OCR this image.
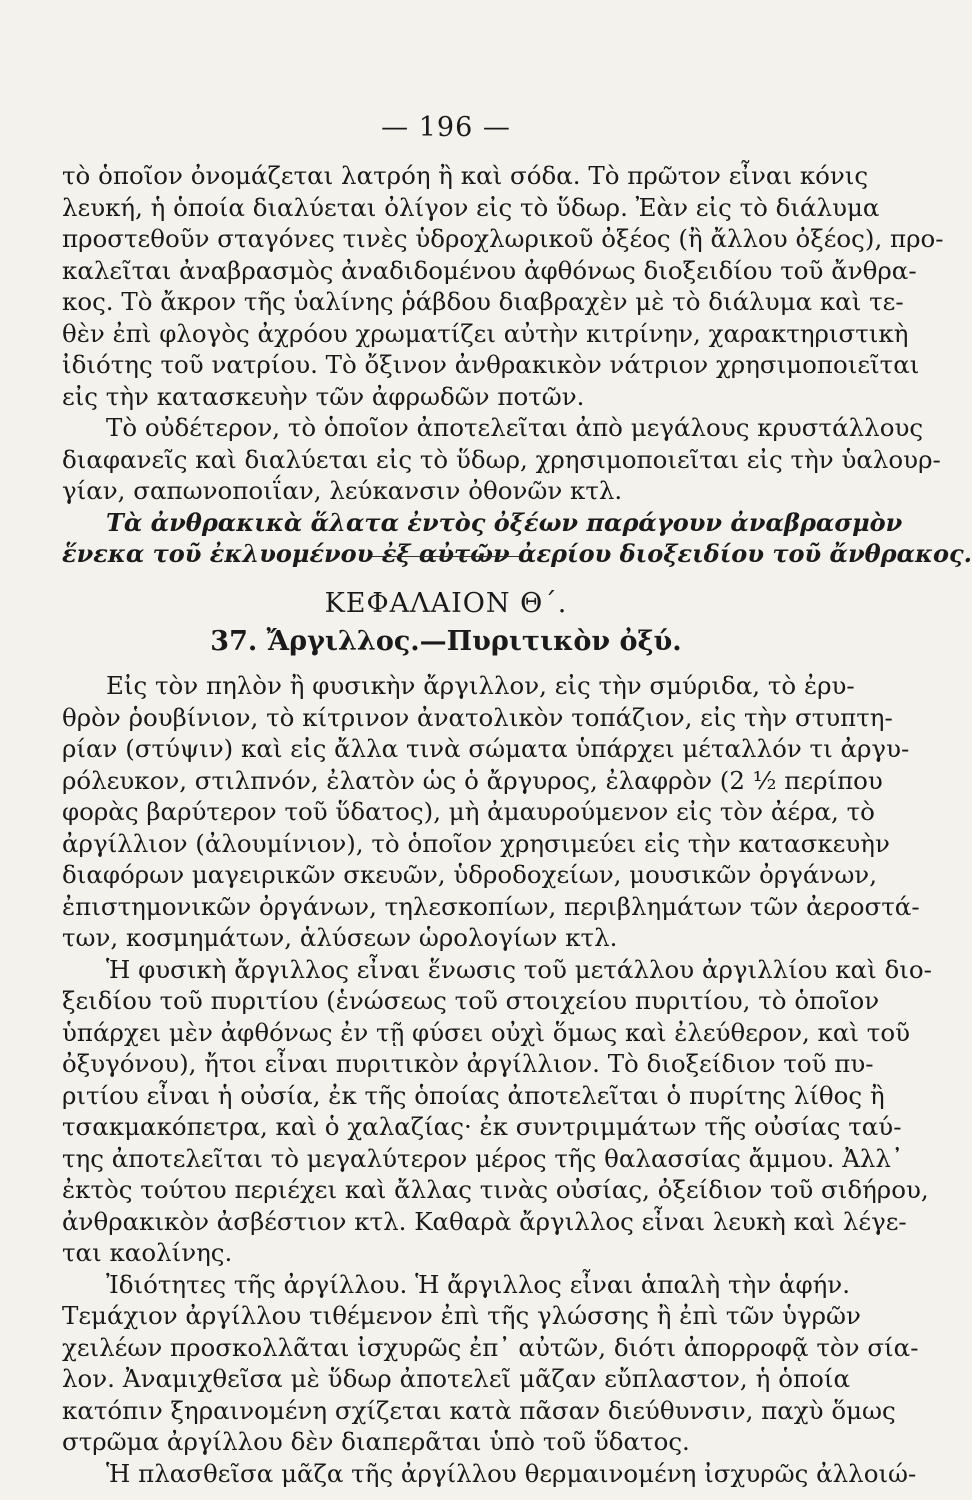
— 196 —
τὸ ὁποῖον ὀνομάζεται λατρόη ἢ καὶ σόδα. Τὸ πρῶτον εἶναι κόνις
λευκή, ἡ ὁποία διαλύεται ὀλίγον εἰς τὸ ὕδωρ. Ἐὰν εἰς τὸ διάλυμα
προστεθοῦν σταγόνες τινὲς ὑδροχλωρικοῦ ὀξέος (ἢ ἄλλου ὀξέος), προ-
καλεῖται ἀναβρασμὸς ἀναδιδομένου ἀφθόνως διοξειδίου τοῦ ἄνθρα-
κος. Τὸ ἄκρον τῆς ὑαλίνης ῥάβδου διαβραχὲν μὲ τὸ διάλυμα καὶ τε-
θὲν ἐπὶ φλογὸς ἀχρόου χρωματίζει αὐτὴν κιτρίνην, χαρακτηριστικὴ
ἰδιότης τοῦ νατρίου. Τὸ ὄξινον ἀνθρακικὸν νάτριον χρησιμοποιεῖται
εἰς τὴν κατασκευὴν τῶν ἀφρωδῶν ποτῶν.
Τὸ οὐδέτερον, τὸ ὁποῖον ἀποτελεῖται ἀπὸ μεγάλους κρυστάλλους
διαφανεῖς καὶ διαλύεται εἰς τὸ ὕδωρ, χρησιμοποιεῖται εἰς τὴν ὑαλουρ-
γίαν, σαπωνοποιΐαν, λεύκανσιν ὀθονῶν κτλ.
Τὰ ἀνθρακικὰ ἅλατα ἐντὸς ὀξέων παράγουν ἀναβρασμὸν
ἕνεκα τοῦ ἐκλυομένου ἐξ αὐτῶν ἀερίου διοξειδίου τοῦ ἄνθρακος.
ΚΕΦΑΛΑΙΟΝ Θ΄.
37. Ἄργιλλος.—Πυριτικὸν ὀξύ.
Εἰς τὸν πηλὸν ἢ φυσικὴν ἄργιλλον, εἰς τὴν σμύριδα, τὸ ἐρυ-
θρὸν ῥουβίνιον, τὸ κίτρινον ἀνατολικὸν τοπάζιον, εἰς τὴν στυπτη-
ρίαν (στύψιν) καὶ εἰς ἄλλα τινὰ σώματα ὑπάρχει μέταλλόν τι ἀργυ-
ρόλευκον, στιλπνόν, ἐλατὸν ὡς ὁ ἄργυρος, ἐλαφρὸν (2 ½ περίπου
φορὰς βαρύτερον τοῦ ὕδατος), μὴ ἀμαυρούμενον εἰς τὸν ἀέρα, τὸ
ἀργίλλιον (ἀλουμίνιον), τὸ ὁποῖον χρησιμεύει εἰς τὴν κατασκευὴν
διαφόρων μαγειρικῶν σκευῶν, ὑδροδοχείων, μουσικῶν ὀργάνων,
ἐπιστημονικῶν ὀργάνων, τηλεσκοπίων, περιβλημάτων τῶν ἀεροστά-
των, κοσμημάτων, ἁλύσεων ὡρολογίων κτλ.
Ἡ φυσικὴ ἄργιλλος εἶναι ἕνωσις τοῦ μετάλλου ἀργιλλίου καὶ διο-
ξειδίου τοῦ πυριτίου (ἑνώσεως τοῦ στοιχείου πυριτίου, τὸ ὁποῖον
ὑπάρχει μὲν ἀφθόνως ἐν τῇ φύσει οὐχὶ ὅμως καὶ ἐλεύθερον, καὶ τοῦ
ὀξυγόνου), ἤτοι εἶναι πυριτικὸν ἀργίλλιον. Τὸ διοξείδιον τοῦ πυ-
ριτίου εἶναι ἡ οὐσία, ἐκ τῆς ὁποίας ἀποτελεῖται ὁ πυρίτης λίθος ἢ
τσακμακόπετρα, καὶ ὁ χαλαζίας· ἐκ συντριμμάτων τῆς οὐσίας ταύ-
της ἀποτελεῖται τὸ μεγαλύτερον μέρος τῆς θαλασσίας ἄμμου. Ἀλλ᾽
ἐκτὸς τούτου περιέχει καὶ ἄλλας τινὰς οὐσίας, ὀξείδιον τοῦ σιδήρου,
ἀνθρακικὸν ἀσβέστιον κτλ. Καθαρὰ ἄργιλλος εἶναι λευκὴ καὶ λέγε-
ται καολίνης.
Ἰδιότητες τῆς ἀργίλλου. Ἡ ἄργιλλος εἶναι ἁπαλὴ τὴν ἁφήν.
Τεμάχιον ἀργίλλου τιθέμενον ἐπὶ τῆς γλώσσης ἢ ἐπὶ τῶν ὑγρῶν
χειλέων προσκολλᾶται ἰσχυρῶς ἐπ᾽ αὐτῶν, διότι ἀπορροφᾷ τὸν σία-
λον. Ἀναμιχθεῖσα μὲ ὕδωρ ἀποτελεῖ μᾶζαν εὔπλαστον, ἡ ὁποία
κατόπιν ξηραινομένη σχίζεται κατὰ πᾶσαν διεύθυνσιν, παχὺ ὅμως
στρῶμα ἀργίλλου δὲν διαπερᾶται ὑπὸ τοῦ ὕδατος.
Ἡ πλασθεῖσα μᾶζα τῆς ἀργίλλου θερμαινομένη ἰσχυρῶς ἀλλοιώ-
